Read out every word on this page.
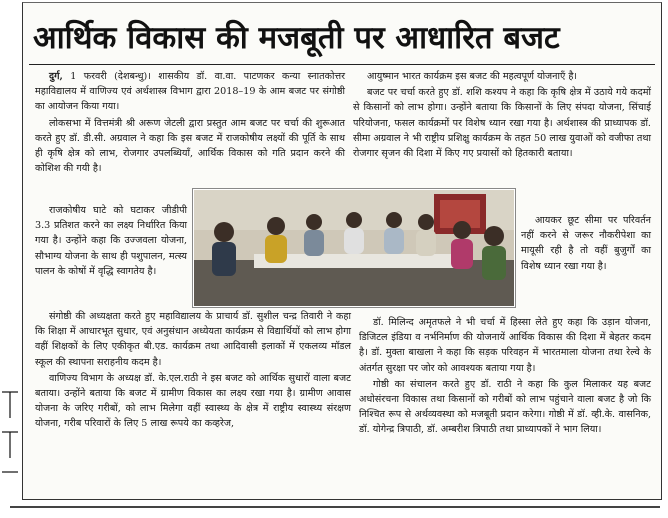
आर्थिक विकास की मजबूती पर आधारित बजट

दुर्ग, 1 फरवरी (देशबन्धु)। शासकीय डॉ. वा.वा. पाटणकर कन्या स्नातकोत्तर महाविद्यालय में वाणिज्य एवं अर्थशास्त्र विभाग द्वारा 2018–19 के आम बजट पर संगोष्ठी का आयोजन किया गया।

लोकसभा में वित्तमंत्री श्री अरूण जेटली द्वारा प्रस्तुत आम बजट पर चर्चा की शुरूआत करते हुए डॉ. डी.सी. अग्रवाल ने कहा कि इस बजट में राजकोषीय लक्ष्यों की पूर्ति के साथ ही कृषि क्षेत्र को लाभ, रोजगार उपलब्धियॉं, आर्थिक विकास को गति प्रदान करने की कोशिश की गयी है।

राजकोषीय घाटे को घटाकर जीडीपी 3.3 प्रतिशत करने का लक्ष्य निर्धारित किया गया है। उन्होंने कहा कि उज्जवला योजना, सौभाग्य योजना के साथ ही पशुपालन, मत्स्य पालन के कोषों में वृद्धि स्वागतेय है।

संगोष्ठी की अध्यक्षता करते हुए महाविद्यालय के प्राचार्य डॉ. सुशील चन्द्र तिवारी ने कहा कि शिक्षा में आधारभूत सुधार, एवं अनुसंधान अध्येयता कार्यक्रम से विद्यार्थियों को लाभ होगा वहीं शिक्षकों के लिए एकीकृत बी.एड. कार्यक्रम तथा आदिवासी इलाकों में एकलव्य मॉडल स्कूल की स्थापना सराहनीय कदम है।

वाणिज्य विभाग के अध्यक्ष डॉ. के.एल.राठी ने इस बजट को आर्थिक सुधारों वाला बजट बताया। उन्होंने बताया कि बजट में ग्रामीण विकास का लक्ष्य रखा गया है। ग्रामीण आवास योजना के जरिए गरीबों, को लाभ मिलेगा वहीं स्वास्थ्य के क्षेत्र में राष्ट्रीय स्वास्थ्य संरक्षण योजना, गरीब परिवारों के लिए 5 लाख रूपये का कव्हरेज,

आयुष्मान भारत कार्यक्रम इस बजट की महत्वपूर्ण योजनाऍं है।

बजट पर चर्चा करते हुए डॉ. शशि कश्यप ने कहा कि कृषि क्षेत्र में उठाये गये कदमों से किसानों को लाभ होगा। उन्होंने बताया कि किसानों के लिए संपदा योजना, सिंचाई परियोजना, फसल कार्यक्रमों पर विशेष ध्यान रखा गया है। अर्थशास्त्र की प्राध्यापक डॉ. सीमा अग्रवाल ने भी राष्ट्रीय प्रशिक्षु कार्यक्रम के तहत 50 लाख युवाओं को वजीफा तथा रोजगार सृजन की दिशा में किए गए प्रयासों को हितकारी बताया।

आयकर छूट सीमा पर परिवर्तन नहीं करने से जरूर नौकरीपेशा का मायूसी रही है तो वहीं बुजुर्गों का विशेष ध्यान रखा गया है।

डॉ. मिलिन्द अमृतफले ने भी चर्चा में हिस्सा लेते हुए कहा कि उड़ान योजना, डिजिटल इंडिया व नर्भनिर्माण की योजनायें आर्थिक विकास की दिशा में बेहतर कदम है। डॉ. मुक्ता बाखला ने कहा कि सड़क परिवहन में भारतमाला योजना तथा रेल्वे के अंतर्गत सुरक्षा पर जोर को आवश्यक बताया गया है।

गोष्ठी का संचालन करते हुए डॉ. राठी ने कहा कि कुल मिलाकर यह बजट अधोसंरचना विकास तथा किसानों को गरीबों को लाभ पहुंचाने वाला बजट है जो कि निश्चित रूप से अर्थव्यवस्था को मजबूती प्रदान करेगा। गोष्ठी में डॉ. व्ही.के. वासनिक, डॉ. योगेन्द्र त्रिपाठी, डॉ. अम्बरीश त्रिपाठी तथा प्राध्यापकों ने भाग लिया।
